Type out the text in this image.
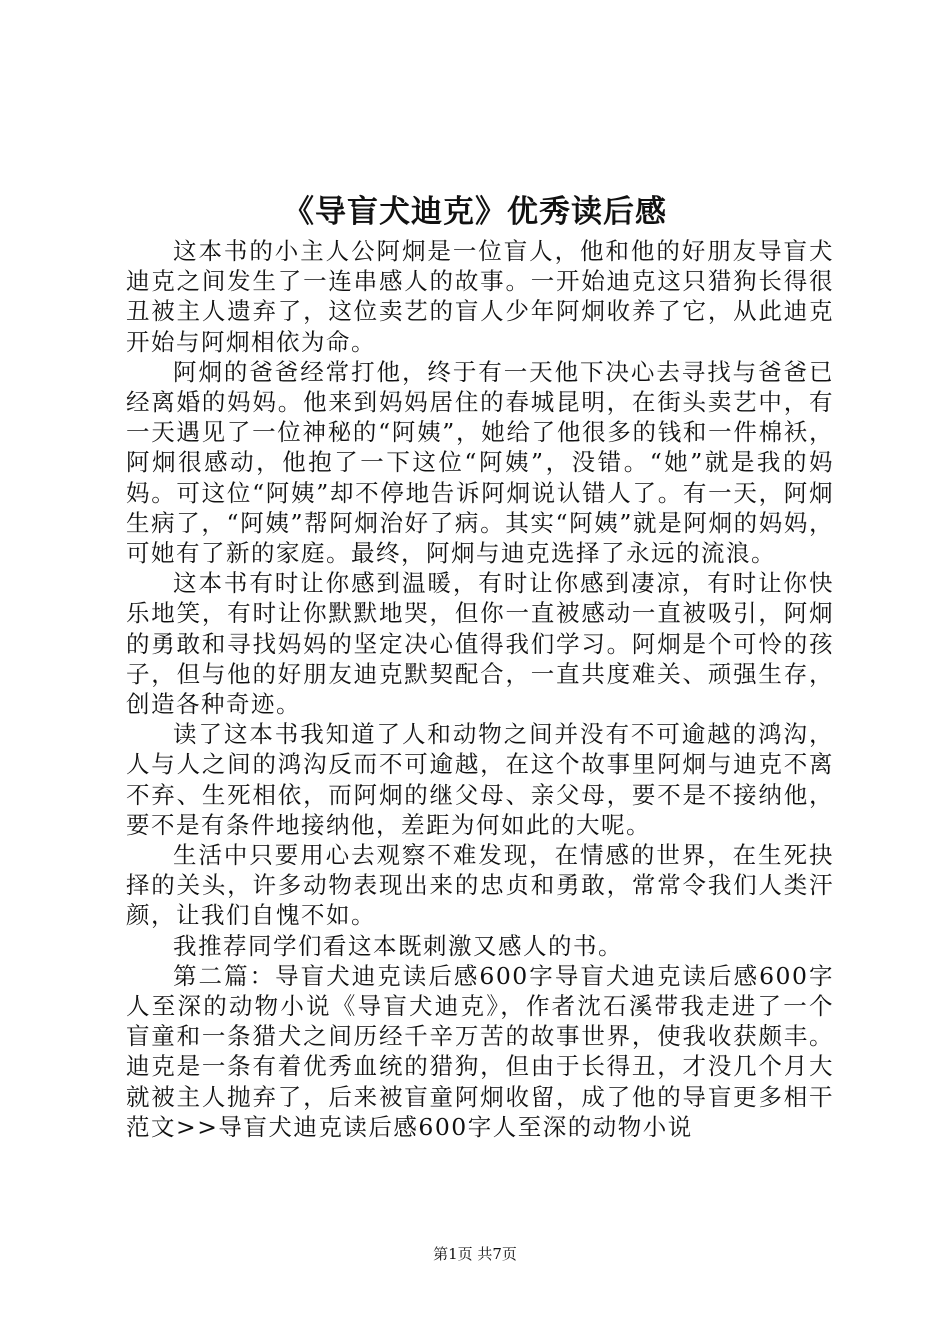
《导盲犬迪克》优秀读后感

这本书的小主人公阿炯是一位盲人，他和他的好朋友导盲犬迪克之间发生了一连串感人的故事。一开始迪克这只猎狗长得很丑被主人遗弃了，这位卖艺的盲人少年阿炯收养了它，从此迪克开始与阿炯相依为命。

阿炯的爸爸经常打他，终于有一天他下决心去寻找与爸爸已经离婚的妈妈。他来到妈妈居住的春城昆明，在街头卖艺中，有一天遇见了一位神秘的“阿姨”，她给了他很多的钱和一件棉袄，阿炯很感动，他抱了一下这位“阿姨”，没错。“她”就是我的妈妈。可这位“阿姨”却不停地告诉阿炯说认错人了。有一天，阿炯生病了，“阿姨”帮阿炯治好了病。其实“阿姨”就是阿炯的妈妈，可她有了新的家庭。最终，阿炯与迪克选择了永远的流浪。

这本书有时让你感到温暖，有时让你感到凄凉，有时让你快乐地笑，有时让你默默地哭，但你一直被感动一直被吸引，阿炯的勇敢和寻找妈妈的坚定决心值得我们学习。阿炯是个可怜的孩子，但与他的好朋友迪克默契配合，一直共度难关、顽强生存，创造各种奇迹。

读了这本书我知道了人和动物之间并没有不可逾越的鸿沟，人与人之间的鸿沟反而不可逾越，在这个故事里阿炯与迪克不离不弃、生死相依，而阿炯的继父母、亲父母，要不是不接纳他，要不是有条件地接纳他，差距为何如此的大呢。

生活中只要用心去观察不难发现，在情感的世界，在生死抉择的关头，许多动物表现出来的忠贞和勇敢，常常令我们人类汗颜，让我们自愧不如。

我推荐同学们看这本既刺激又感人的书。

第二篇：导盲犬迪克读后感600字导盲犬迪克读后感600字人至深的动物小说《导盲犬迪克》，作者沈石溪带我走进了一个盲童和一条猎犬之间历经千辛万苦的故事世界，使我收获颇丰。迪克是一条有着优秀血统的猎狗，但由于长得丑，才没几个月大就被主人抛弃了，后来被盲童阿炯收留，成了他的导盲更多相干范文>>导盲犬迪克读后感600字人至深的动物小说

第1页 共7页
